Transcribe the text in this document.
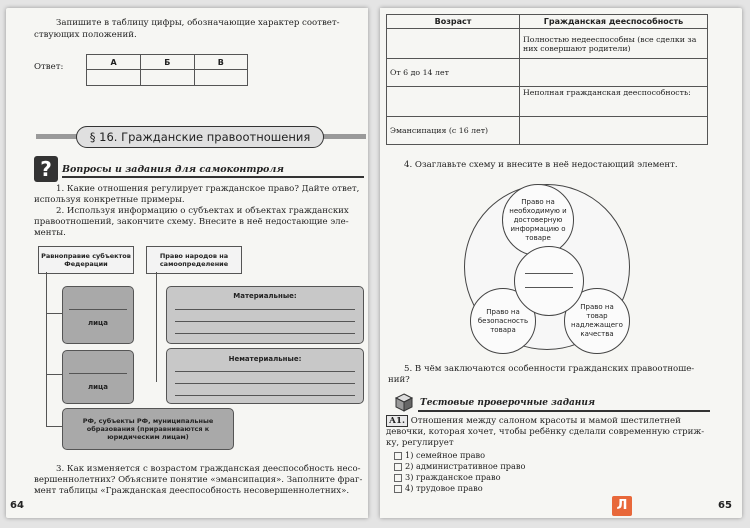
Запишите в таблицу цифры, обозначающие характер соответ-
ствующих положений.
Ответ:	А	Б	В

§ 16. Гражданские правоотношения
?	Вопросы и задания для самоконтроля
1. Какие отношения регулирует гражданское право? Дайте ответ,
используя конкретные примеры.
2. Используя информацию о субъектах и объектах гражданских
правоотношений, закончите схему. Внесите в неё недостающие эле-
менты.
Равноправие субъектов Федерации
Право народов на самоопределение
лица
лица
Материальные:
Нематериальные:
РФ, субъекты РФ, муниципальные образования (приравниваются к юридическим лицам)
3. Как изменяется с возрастом гражданская дееспособность несо-
вершеннолетних? Объясните понятие «эмансипация». Заполните фраг-
мент таблицы «Гражданская дееспособность несовершеннолетних».
64
Возраст	Гражданская дееспособность
	Полностью недееспособны (все сделки за них совершают родители)
От 6 до 14 лет	
	Неполная гражданская дееспособность:
Эмансипация (с 16 лет)	
4. Озаглавьте схему и внесите в неё недостающий элемент.
Право на необходимую и достоверную информацию о товаре
Право на безопасность товара
Право на товар надлежащего качества
5. В чём заключаются особенности гражданских правоотноше-
ний?
Тестовые проверочные задания
А1. Отношения между салоном красоты и мамой шестилетней
девочки, которая хочет, чтобы ребёнку сделали современную стриж-
ку, регулирует
1) семейное право
2) административное право
3) гражданское право
4) трудовое право
65
Л
